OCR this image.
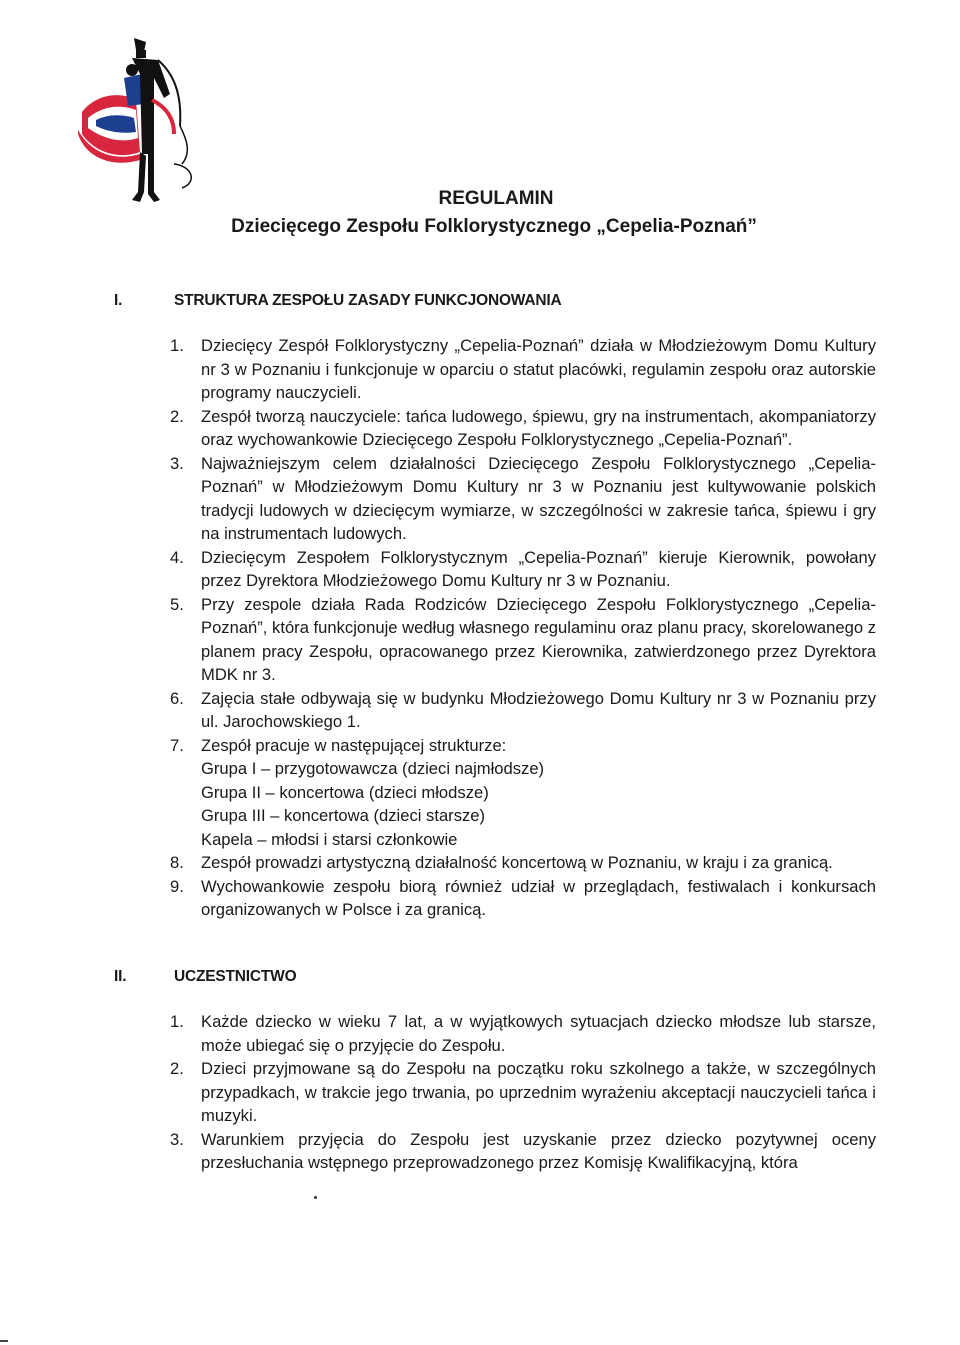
REGULAMIN
Dziecięcego Zespołu Folklorystycznego „Cepelia-Poznań”
I.	STRUKTURA ZESPOŁU ZASADY FUNKCJONOWANIA
1.	Dziecięcy Zespół Folklorystyczny „Cepelia-Poznań” działa w Młodzieżowym Domu Kultury nr 3 w Poznaniu i funkcjonuje w oparciu o statut placówki, regulamin zespołu oraz autorskie programy nauczycieli.
2.	Zespół tworzą nauczyciele: tańca ludowego, śpiewu, gry na instrumentach, akompaniatorzy oraz wychowankowie Dziecięcego Zespołu Folklorystycznego „Cepelia-Poznań”.
3.	Najważniejszym celem działalności Dziecięcego Zespołu Folklorystycznego „Cepelia-Poznań” w Młodzieżowym Domu Kultury nr 3 w Poznaniu jest kultywowanie polskich tradycji ludowych w dziecięcym wymiarze, w szczególności w zakresie tańca, śpiewu i gry na instrumentach ludowych.
4.	Dziecięcym Zespołem Folklorystycznym „Cepelia-Poznań” kieruje Kierownik, powołany przez Dyrektora Młodzieżowego Domu Kultury nr 3 w Poznaniu.
5.	Przy zespole działa Rada Rodziców Dziecięcego Zespołu Folklorystycznego „Cepelia-Poznań”, która funkcjonuje według własnego regulaminu oraz planu pracy, skorelowanego z planem pracy Zespołu, opracowanego przez Kierownika, zatwierdzonego przez Dyrektora MDK nr 3.
6.	Zajęcia stałe odbywają się w budynku Młodzieżowego Domu Kultury nr 3 w Poznaniu przy ul. Jarochowskiego 1.
7.	Zespół pracuje w następującej strukturze:
Grupa I – przygotowawcza (dzieci najmłodsze)
Grupa II – koncertowa (dzieci młodsze)
Grupa III – koncertowa (dzieci starsze)
Kapela – młodsi i starsi członkowie
8.	Zespół prowadzi artystyczną działalność koncertową w Poznaniu, w kraju i za granicą.
9.	Wychowankowie zespołu biorą również udział w przeglądach, festiwalach i konkursach organizowanych w Polsce i za granicą.
II.	UCZESTNICTWO
1.	Każde dziecko w wieku 7 lat, a w wyjątkowych sytuacjach dziecko młodsze lub starsze, może ubiegać się o przyjęcie do Zespołu.
2.	Dzieci przyjmowane są do Zespołu na początku roku szkolnego a także, w szczególnych przypadkach, w trakcie jego trwania, po uprzednim wyrażeniu akceptacji nauczycieli tańca i muzyki.
3.	Warunkiem przyjęcia do Zespołu jest uzyskanie przez dziecko pozytywnej oceny przesłuchania wstępnego przeprowadzonego przez Komisję Kwalifikacyjną, która
